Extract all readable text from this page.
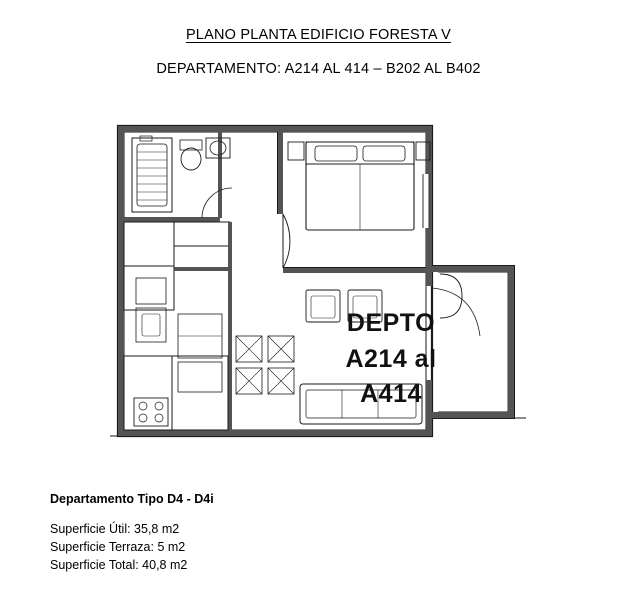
PLANO PLANTA EDIFICIO FORESTA V
DEPARTAMENTO: A214 AL 414 – B202 AL B402
DEPTO
A214 al
A414
Departamento Tipo D4 - D4i
Superficie Útil: 35,8 m2
Superficie Terraza: 5 m2
Superficie Total: 40,8 m2
